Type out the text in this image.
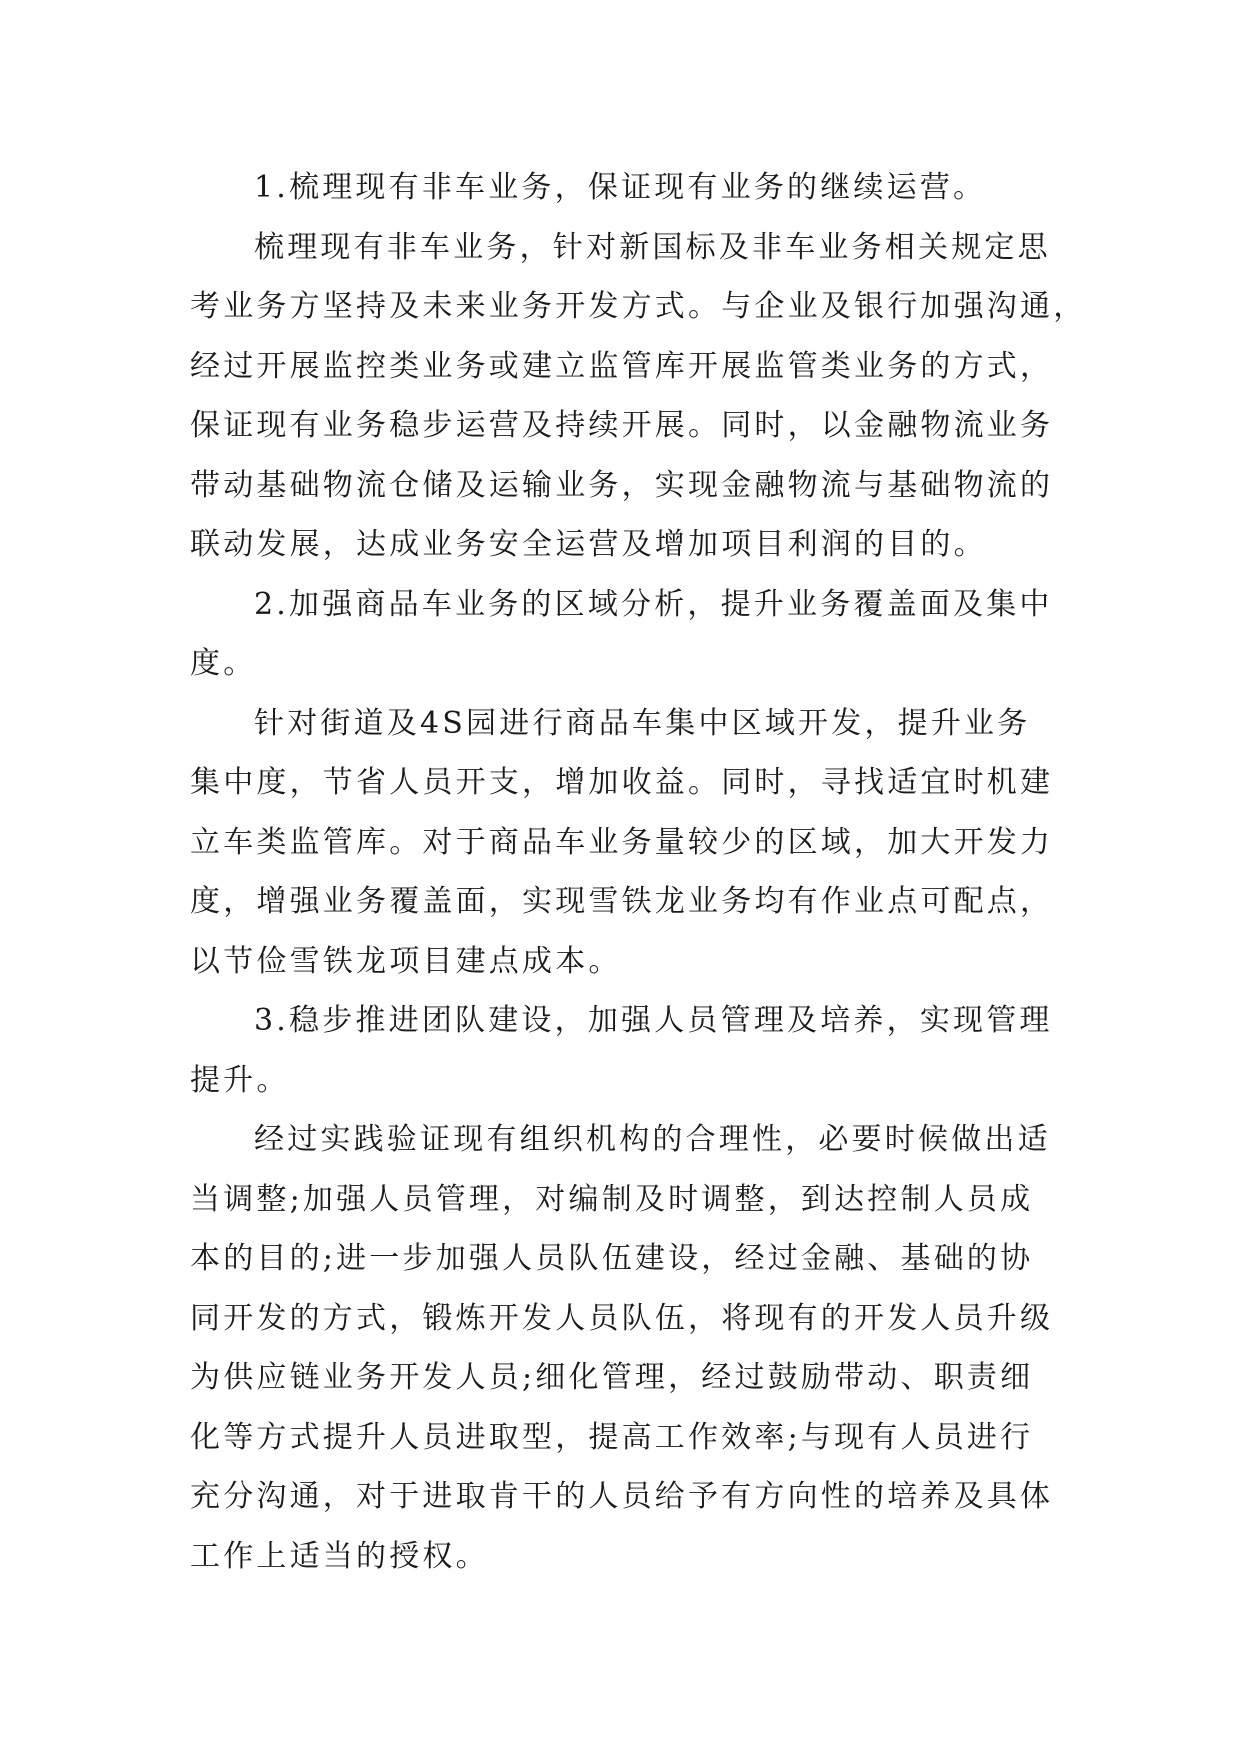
1.梳理现有非车业务，保证现有业务的继续运营。
梳理现有非车业务，针对新国标及非车业务相关规定思
考业务方坚持及未来业务开发方式。与企业及银行加强沟通，
经过开展监控类业务或建立监管库开展监管类业务的方式，
保证现有业务稳步运营及持续开展。同时，以金融物流业务
带动基础物流仓储及运输业务，实现金融物流与基础物流的
联动发展，达成业务安全运营及增加项目利润的目的。
2.加强商品车业务的区域分析，提升业务覆盖面及集中
度。
针对街道及4S园进行商品车集中区域开发，提升业务
集中度，节省人员开支，增加收益。同时，寻找适宜时机建
立车类监管库。对于商品车业务量较少的区域，加大开发力
度，增强业务覆盖面，实现雪铁龙业务均有作业点可配点，
以节俭雪铁龙项目建点成本。
3.稳步推进团队建设，加强人员管理及培养，实现管理
提升。
经过实践验证现有组织机构的合理性，必要时候做出适
当调整;加强人员管理，对编制及时调整，到达控制人员成
本的目的;进一步加强人员队伍建设，经过金融、基础的协
同开发的方式，锻炼开发人员队伍，将现有的开发人员升级
为供应链业务开发人员;细化管理，经过鼓励带动、职责细
化等方式提升人员进取型，提高工作效率;与现有人员进行
充分沟通，对于进取肯干的人员给予有方向性的培养及具体
工作上适当的授权。
